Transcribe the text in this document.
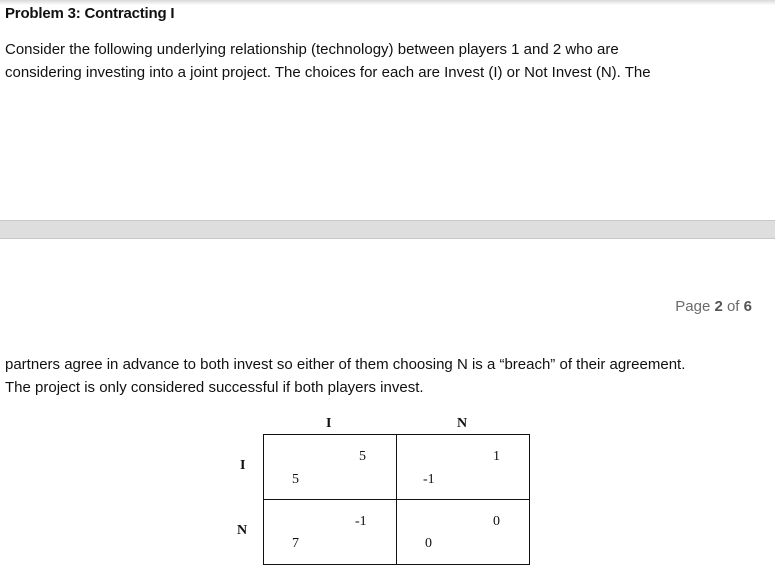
Problem 3: Contracting I
Consider the following underlying relationship (technology) between players 1 and 2 who are
considering investing into a joint project. The choices for each are Invest (I) or Not Invest (N). The
Page 2 of 6
partners agree in advance to both invest so either of them choosing N is a “breach” of their agreement.
The project is only considered successful if both players invest.
I	N
I
N
5
5
-1
1
7
-1
0
0
